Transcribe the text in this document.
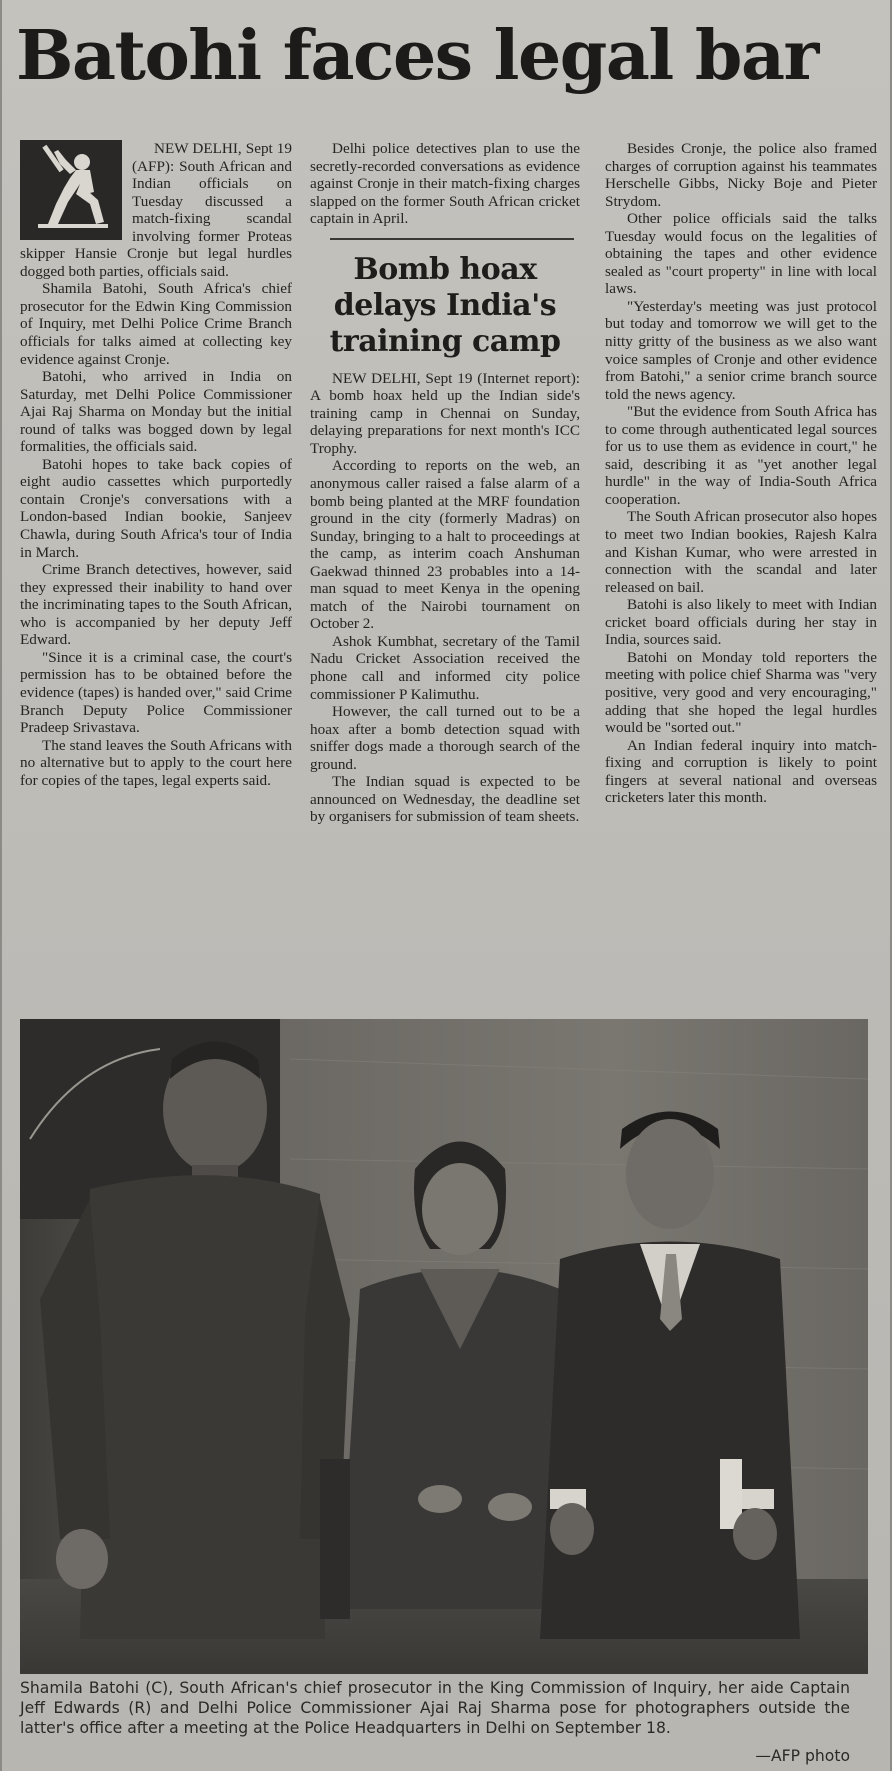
Batohi faces legal bar

NEW DELHI, Sept 19 (AFP): South African and Indian officials on Tuesday discussed a match-fixing scandal involving former Proteas skipper Hansie Cronje but legal hurdles dogged both parties, officials said.

Shamila Batohi, South Africa's chief prosecutor for the Edwin King Commission of Inquiry, met Delhi Police Crime Branch officials for talks aimed at collecting key evidence against Cronje.

Batohi, who arrived in India on Saturday, met Delhi Police Commissioner Ajai Raj Sharma on Monday but the initial round of talks was bogged down by legal formalities, the officials said.

Batohi hopes to take back copies of eight audio cassettes which purportedly contain Cronje's conversations with a London-based Indian bookie, Sanjeev Chawla, during South Africa's tour of India in March.

Crime Branch detectives, however, said they expressed their inability to hand over the incriminating tapes to the South African, who is accompanied by her deputy Jeff Edward.

"Since it is a criminal case, the court's permission has to be obtained before the evidence (tapes) is handed over," said Crime Branch Deputy Police Commissioner Pradeep Srivastava.

The stand leaves the South Africans with no alternative but to apply to the court here for copies of the tapes, legal experts said.

Delhi police detectives plan to use the secretly-recorded conversations as evidence against Cronje in their match-fixing charges slapped on the former South African cricket captain in April.

Bomb hoax delays India's training camp

NEW DELHI, Sept 19 (Internet report): A bomb hoax held up the Indian side's training camp in Chennai on Sunday, delaying preparations for next month's ICC Trophy.

According to reports on the web, an anonymous caller raised a false alarm of a bomb being planted at the MRF foundation ground in the city (formerly Madras) on Sunday, bringing to a halt to proceedings at the camp, as interim coach Anshuman Gaekwad thinned 23 probables into a 14-man squad to meet Kenya in the opening match of the Nairobi tournament on October 2.

Ashok Kumbhat, secretary of the Tamil Nadu Cricket Association received the phone call and informed city police commissioner P Kalimuthu.

However, the call turned out to be a hoax after a bomb detection squad with sniffer dogs made a thorough search of the ground.

The Indian squad is expected to be announced on Wednesday, the deadline set by organisers for submission of team sheets.

Besides Cronje, the police also framed charges of corruption against his teammates Herschelle Gibbs, Nicky Boje and Pieter Strydom.

Other police officials said the talks Tuesday would focus on the legalities of obtaining the tapes and other evidence sealed as "court property" in line with local laws.

"Yesterday's meeting was just protocol but today and tomorrow we will get to the nitty gritty of the business as we also want voice samples of Cronje and other evidence from Batohi," a senior crime branch source told the news agency.

"But the evidence from South Africa has to come through authenticated legal sources for us to use them as evidence in court," he said, describing it as "yet another legal hurdle" in the way of India-South Africa cooperation.

The South African prosecutor also hopes to meet two Indian bookies, Rajesh Kalra and Kishan Kumar, who were arrested in connection with the scandal and later released on bail.

Batohi is also likely to meet with Indian cricket board officials during her stay in India, sources said.

Batohi on Monday told reporters the meeting with police chief Sharma was "very positive, very good and very encouraging," adding that she hoped the legal hurdles would be "sorted out."

An Indian federal inquiry into match-fixing and corruption is likely to point fingers at several national and overseas cricketers later this month.

Shamila Batohi (C), South African's chief prosecutor in the King Commission of Inquiry, her aide Captain Jeff Edwards (R) and Delhi Police Commissioner Ajai Raj Sharma pose for photographers outside the latter's office after a meeting at the Police Headquarters in Delhi on September 18.
—AFP photo
